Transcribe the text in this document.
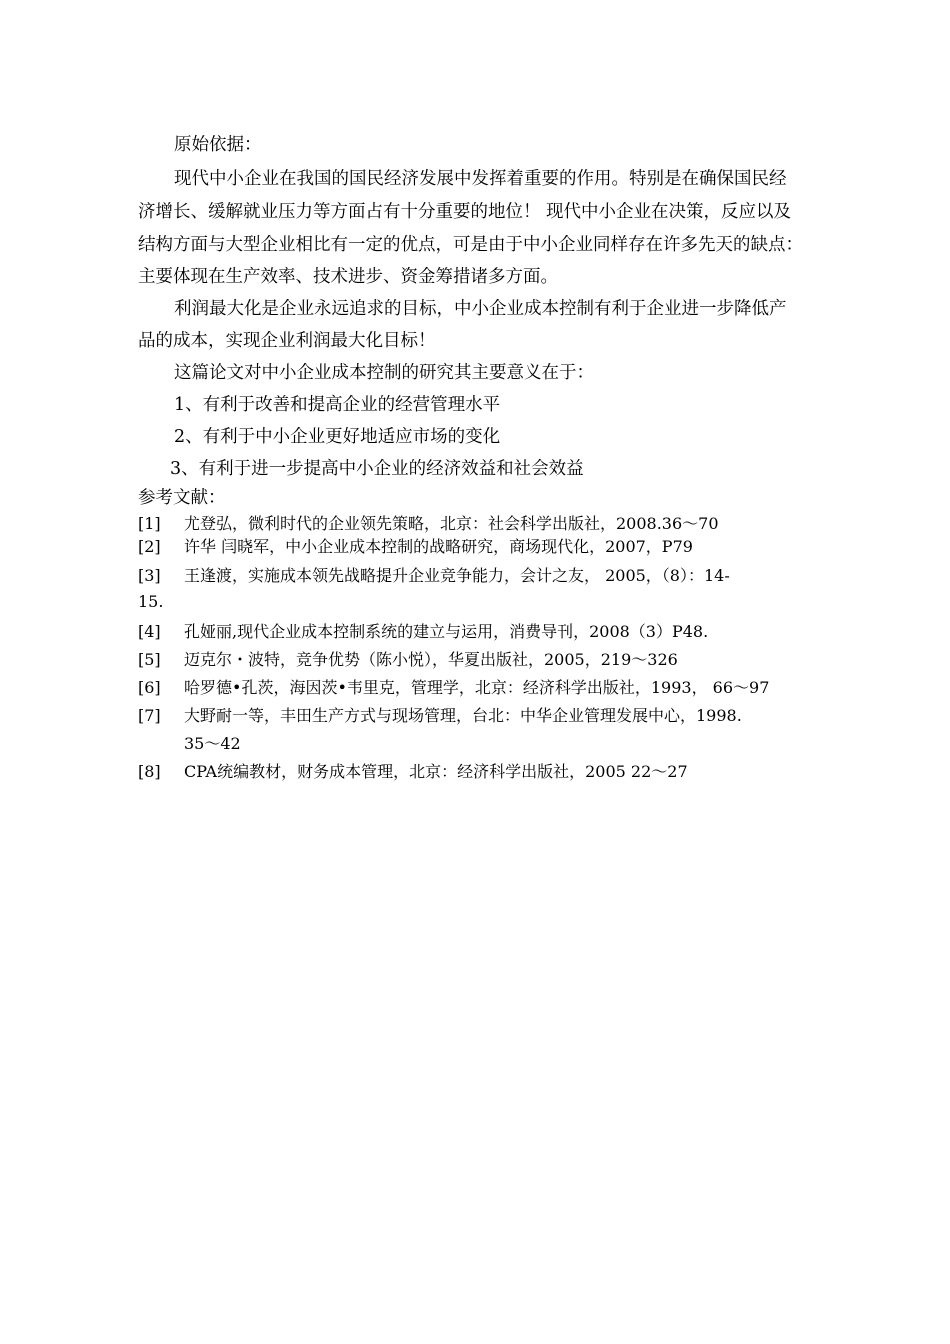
原始依据：
现代中小企业在我国的国民经济发展中发挥着重要的作用。特别是在确保国民经
济增长、缓解就业压力等方面占有十分重要的地位！ 现代中小企业在决策，反应以及
结构方面与大型企业相比有一定的优点，可是由于中小企业同样存在许多先天的缺点：
主要体现在生产效率、技术进步、资金筹措诸多方面。
利润最大化是企业永远追求的目标，中小企业成本控制有利于企业进一步降低产
品的成本，实现企业利润最大化目标！
这篇论文对中小企业成本控制的研究其主要意义在于：
1、有利于改善和提高企业的经营管理水平
2、有利于中小企业更好地适应市场的变化
3、有利于进一步提高中小企业的经济效益和社会效益
参考文献：
[1] 尤登弘，微利时代的企业领先策略，北京：社会科学出版社，2008.36～70
[2] 许华 闫晓军，中小企业成本控制的战略研究，商场现代化，2007，P79
[3] 王逢渡，实施成本领先战略提升企业竞争能力，会计之友， 2005，（8）：14-
15.
[4] 孔娅丽,现代企业成本控制系统的建立与运用，消费导刊，2008（3）P48.
[5] 迈克尔・波特，竞争优势（陈小悦），华夏出版社，2005，219～326
[6] 哈罗德•孔茨，海因茨•韦里克，管理学，北京：经济科学出版社，1993， 66～97
[7] 大野耐一等，丰田生产方式与现场管理，台北：中华企业管理发展中心，1998.
35～42
[8] CPA统编教材，财务成本管理，北京：经济科学出版社，2005 22～27
